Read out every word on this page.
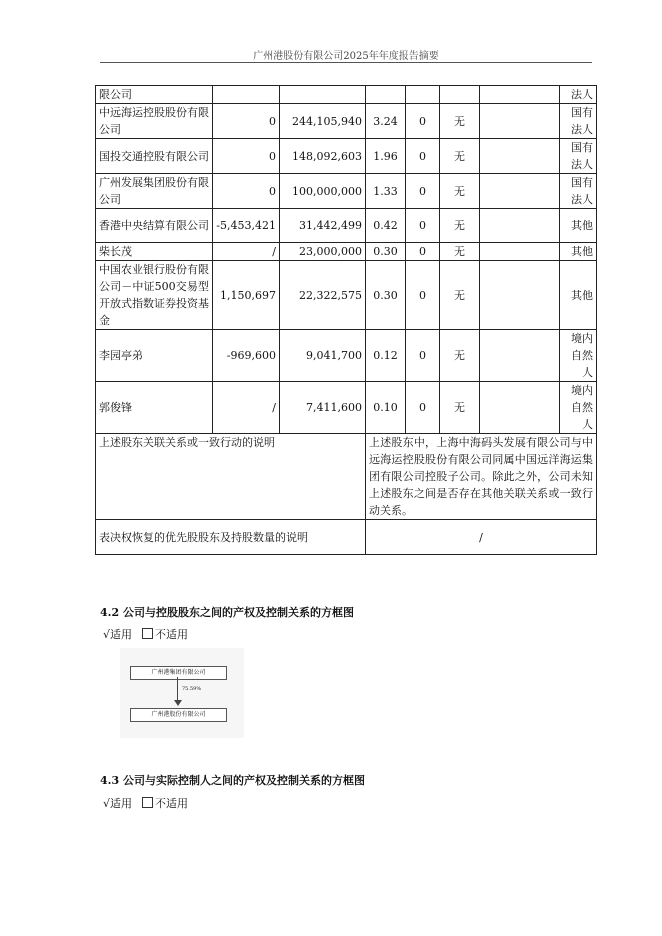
广州港股份有限公司2025年年度报告摘要
限公司							法人
中远海运控股股份有限公司	0	244,105,940	3.24	0	无		国有法人
国投交通控股有限公司	0	148,092,603	1.96	0	无		国有法人
广州发展集团股份有限公司	0	100,000,000	1.33	0	无		国有法人
香港中央结算有限公司	-5,453,421	31,442,499	0.42	0	无		其他
柴长茂	/	23,000,000	0.30	0	无		其他
中国农业银行股份有限公司－中证500交易型开放式指数证券投资基金	1,150,697	22,322,575	0.30	0	无		其他
李园亭弟	-969,600	9,041,700	0.12	0	无		境内自然人
郭俊锋	/	7,411,600	0.10	0	无		境内自然人
上述股东关联关系或一致行动的说明			上述股东中，上海中海码头发展有限公司与中远海运控股股份有限公司同属中国远洋海运集团有限公司控股子公司。除此之外，公司未知上述股东之间是否存在其他关联关系或一致行动关系。				
表决权恢复的优先股股东及持股数量的说明			/				
4.2 公司与控股股东之间的产权及控制关系的方框图
√适用 不适用
广州港集团有限公司
75.59%
广州港股份有限公司
4.3 公司与实际控制人之间的产权及控制关系的方框图
√适用 不适用
